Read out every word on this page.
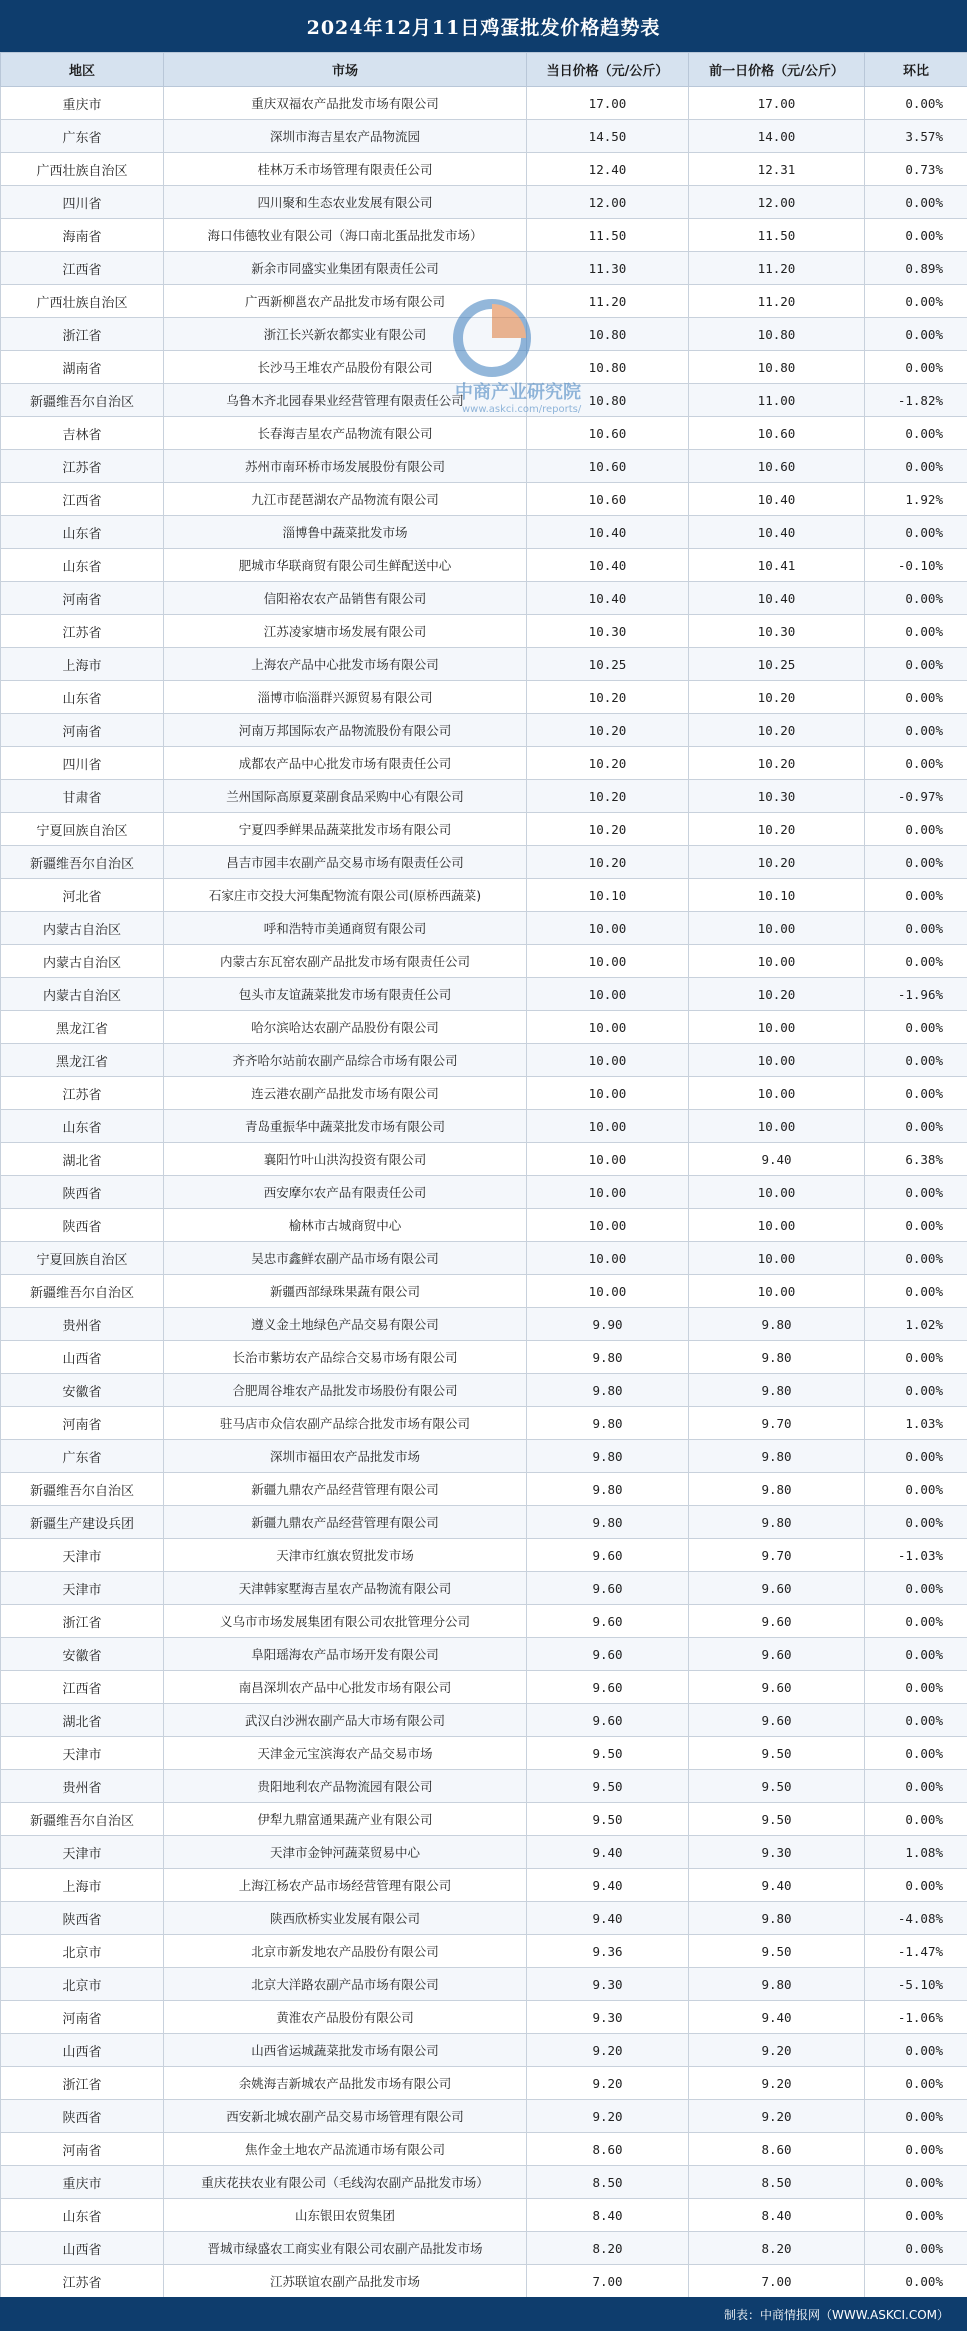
2024年12月11日鸡蛋批发价格趋势表
地区	市场	当日价格（元/公斤）	前一日价格（元/公斤）	环比
重庆市	重庆双福农产品批发市场有限公司	17.00	17.00	0.00%
广东省	深圳市海吉星农产品物流园	14.50	14.00	3.57%
广西壮族自治区	桂林万禾市场管理有限责任公司	12.40	12.31	0.73%
四川省	四川聚和生态农业发展有限公司	12.00	12.00	0.00%
海南省	海口伟德牧业有限公司（海口南北蛋品批发市场）	11.50	11.50	0.00%
江西省	新余市同盛实业集团有限责任公司	11.30	11.20	0.89%
广西壮族自治区	广西新柳邕农产品批发市场有限公司	11.20	11.20	0.00%
浙江省	浙江长兴新农都实业有限公司	10.80	10.80	0.00%
湖南省	长沙马王堆农产品股份有限公司	10.80	10.80	0.00%
新疆维吾尔自治区	乌鲁木齐北园春果业经营管理有限责任公司	10.80	11.00	-1.82%
吉林省	长春海吉星农产品物流有限公司	10.60	10.60	0.00%
江苏省	苏州市南环桥市场发展股份有限公司	10.60	10.60	0.00%
江西省	九江市琵琶湖农产品物流有限公司	10.60	10.40	1.92%
山东省	淄博鲁中蔬菜批发市场	10.40	10.40	0.00%
山东省	肥城市华联商贸有限公司生鲜配送中心	10.40	10.41	-0.10%
河南省	信阳裕农农产品销售有限公司	10.40	10.40	0.00%
江苏省	江苏凌家塘市场发展有限公司	10.30	10.30	0.00%
上海市	上海农产品中心批发市场有限公司	10.25	10.25	0.00%
山东省	淄博市临淄群兴源贸易有限公司	10.20	10.20	0.00%
河南省	河南万邦国际农产品物流股份有限公司	10.20	10.20	0.00%
四川省	成都农产品中心批发市场有限责任公司	10.20	10.20	0.00%
甘肃省	兰州国际高原夏菜副食品采购中心有限公司	10.20	10.30	-0.97%
宁夏回族自治区	宁夏四季鲜果品蔬菜批发市场有限公司	10.20	10.20	0.00%
新疆维吾尔自治区	昌吉市园丰农副产品交易市场有限责任公司	10.20	10.20	0.00%
河北省	石家庄市交投大河集配物流有限公司(原桥西蔬菜)	10.10	10.10	0.00%
内蒙古自治区	呼和浩特市美通商贸有限公司	10.00	10.00	0.00%
内蒙古自治区	内蒙古东瓦窑农副产品批发市场有限责任公司	10.00	10.00	0.00%
内蒙古自治区	包头市友谊蔬菜批发市场有限责任公司	10.00	10.20	-1.96%
黑龙江省	哈尔滨哈达农副产品股份有限公司	10.00	10.00	0.00%
黑龙江省	齐齐哈尔站前农副产品综合市场有限公司	10.00	10.00	0.00%
江苏省	连云港农副产品批发市场有限公司	10.00	10.00	0.00%
山东省	青岛重振华中蔬菜批发市场有限公司	10.00	10.00	0.00%
湖北省	襄阳竹叶山洪沟投资有限公司	10.00	9.40	6.38%
陕西省	西安摩尔农产品有限责任公司	10.00	10.00	0.00%
陕西省	榆林市古城商贸中心	10.00	10.00	0.00%
宁夏回族自治区	吴忠市鑫鲜农副产品市场有限公司	10.00	10.00	0.00%
新疆维吾尔自治区	新疆西部绿珠果蔬有限公司	10.00	10.00	0.00%
贵州省	遵义金土地绿色产品交易有限公司	9.90	9.80	1.02%
山西省	长治市紫坊农产品综合交易市场有限公司	9.80	9.80	0.00%
安徽省	合肥周谷堆农产品批发市场股份有限公司	9.80	9.80	0.00%
河南省	驻马店市众信农副产品综合批发市场有限公司	9.80	9.70	1.03%
广东省	深圳市福田农产品批发市场	9.80	9.80	0.00%
新疆维吾尔自治区	新疆九鼎农产品经营管理有限公司	9.80	9.80	0.00%
新疆生产建设兵团	新疆九鼎农产品经营管理有限公司	9.80	9.80	0.00%
天津市	天津市红旗农贸批发市场	9.60	9.70	-1.03%
天津市	天津韩家墅海吉星农产品物流有限公司	9.60	9.60	0.00%
浙江省	义乌市市场发展集团有限公司农批管理分公司	9.60	9.60	0.00%
安徽省	阜阳瑶海农产品市场开发有限公司	9.60	9.60	0.00%
江西省	南昌深圳农产品中心批发市场有限公司	9.60	9.60	0.00%
湖北省	武汉白沙洲农副产品大市场有限公司	9.60	9.60	0.00%
天津市	天津金元宝滨海农产品交易市场	9.50	9.50	0.00%
贵州省	贵阳地利农产品物流园有限公司	9.50	9.50	0.00%
新疆维吾尔自治区	伊犁九鼎富通果蔬产业有限公司	9.50	9.50	0.00%
天津市	天津市金钟河蔬菜贸易中心	9.40	9.30	1.08%
上海市	上海江杨农产品市场经营管理有限公司	9.40	9.40	0.00%
陕西省	陕西欣桥实业发展有限公司	9.40	9.80	-4.08%
北京市	北京市新发地农产品股份有限公司	9.36	9.50	-1.47%
北京市	北京大洋路农副产品市场有限公司	9.30	9.80	-5.10%
河南省	黄淮农产品股份有限公司	9.30	9.40	-1.06%
山西省	山西省运城蔬菜批发市场有限公司	9.20	9.20	0.00%
浙江省	余姚海吉新城农产品批发市场有限公司	9.20	9.20	0.00%
陕西省	西安新北城农副产品交易市场管理有限公司	9.20	9.20	0.00%
河南省	焦作金土地农产品流通市场有限公司	8.60	8.60	0.00%
重庆市	重庆花扶农业有限公司（毛线沟农副产品批发市场）	8.50	8.50	0.00%
山东省	山东银田农贸集团	8.40	8.40	0.00%
山西省	晋城市绿盛农工商实业有限公司农副产品批发市场	8.20	8.20	0.00%
江苏省	江苏联谊农副产品批发市场	7.00	7.00	0.00%
中商产业研究院
www.askci.com/reports/
制表：中商情报网（WWW.ASKCI.COM）
